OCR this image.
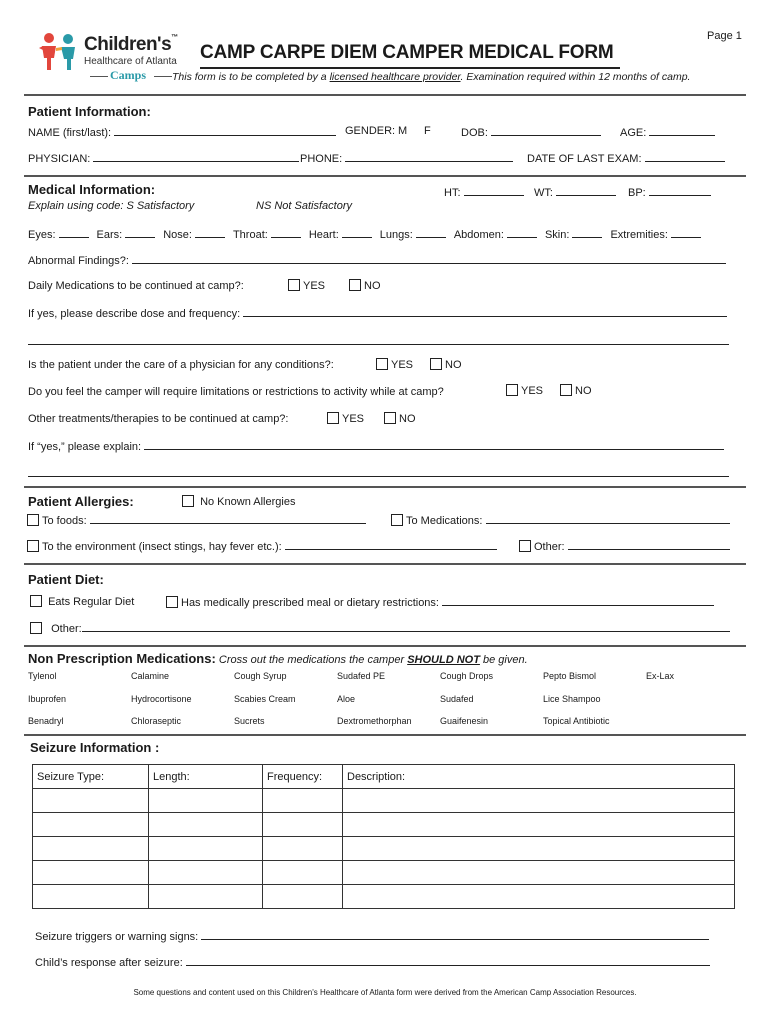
Page 1
Children's™
Healthcare of Atlanta
Camps
CAMP CARPE DIEM CAMPER MEDICAL FORM
This form is to be completed by a licensed healthcare provider. Examination required within 12 months of camp.
Patient Information:
NAME (first/last):	GENDER: M F	DOB:	AGE:
PHYSICIAN:	PHONE:	DATE OF LAST EXAM:
Medical Information:	HT:	WT:	BP:
Explain using code: S Satisfactory	NS Not Satisfactory
Eyes:	Ears:	Nose:	Throat:	Heart:	Lungs:	Abdomen:	Skin:	Extremities:
Abnormal Findings?:
Daily Medications to be continued at camp?:	YES	NO
If yes, please describe dose and frequency:
Is the patient under the care of a physician for any conditions?:	YES	NO
Do you feel the camper will require limitations or restrictions to activity while at camp?	YES	NO
Other treatments/therapies to be continued at camp?:	YES	NO
If “yes,” please explain:
Patient Allergies:	No Known Allergies
To foods:	To Medications:
To the environment (insect stings, hay fever etc.):	Other:
Patient Diet:
Eats Regular Diet	Has medically prescribed meal or dietary restrictions:
Other:
Non Prescription Medications: Cross out the medications the camper SHOULD NOT be given.
Tylenol	Calamine	Cough Syrup	Sudafed PE	Cough Drops	Pepto Bismol	Ex-Lax
Ibuprofen	Hydrocortisone	Scabies Cream	Aloe	Sudafed	Lice Shampoo
Benadryl	Chloraseptic	Sucrets	Dextromethorphan	Guaifenesin	Topical Antibiotic
Seizure Information :
Seizure Type:	Length:	Frequency:	Description:

Seizure triggers or warning signs:
Child’s response after seizure:
Some questions and content used on this Children's Healthcare of Atlanta form were derived from the American Camp Association Resources.
